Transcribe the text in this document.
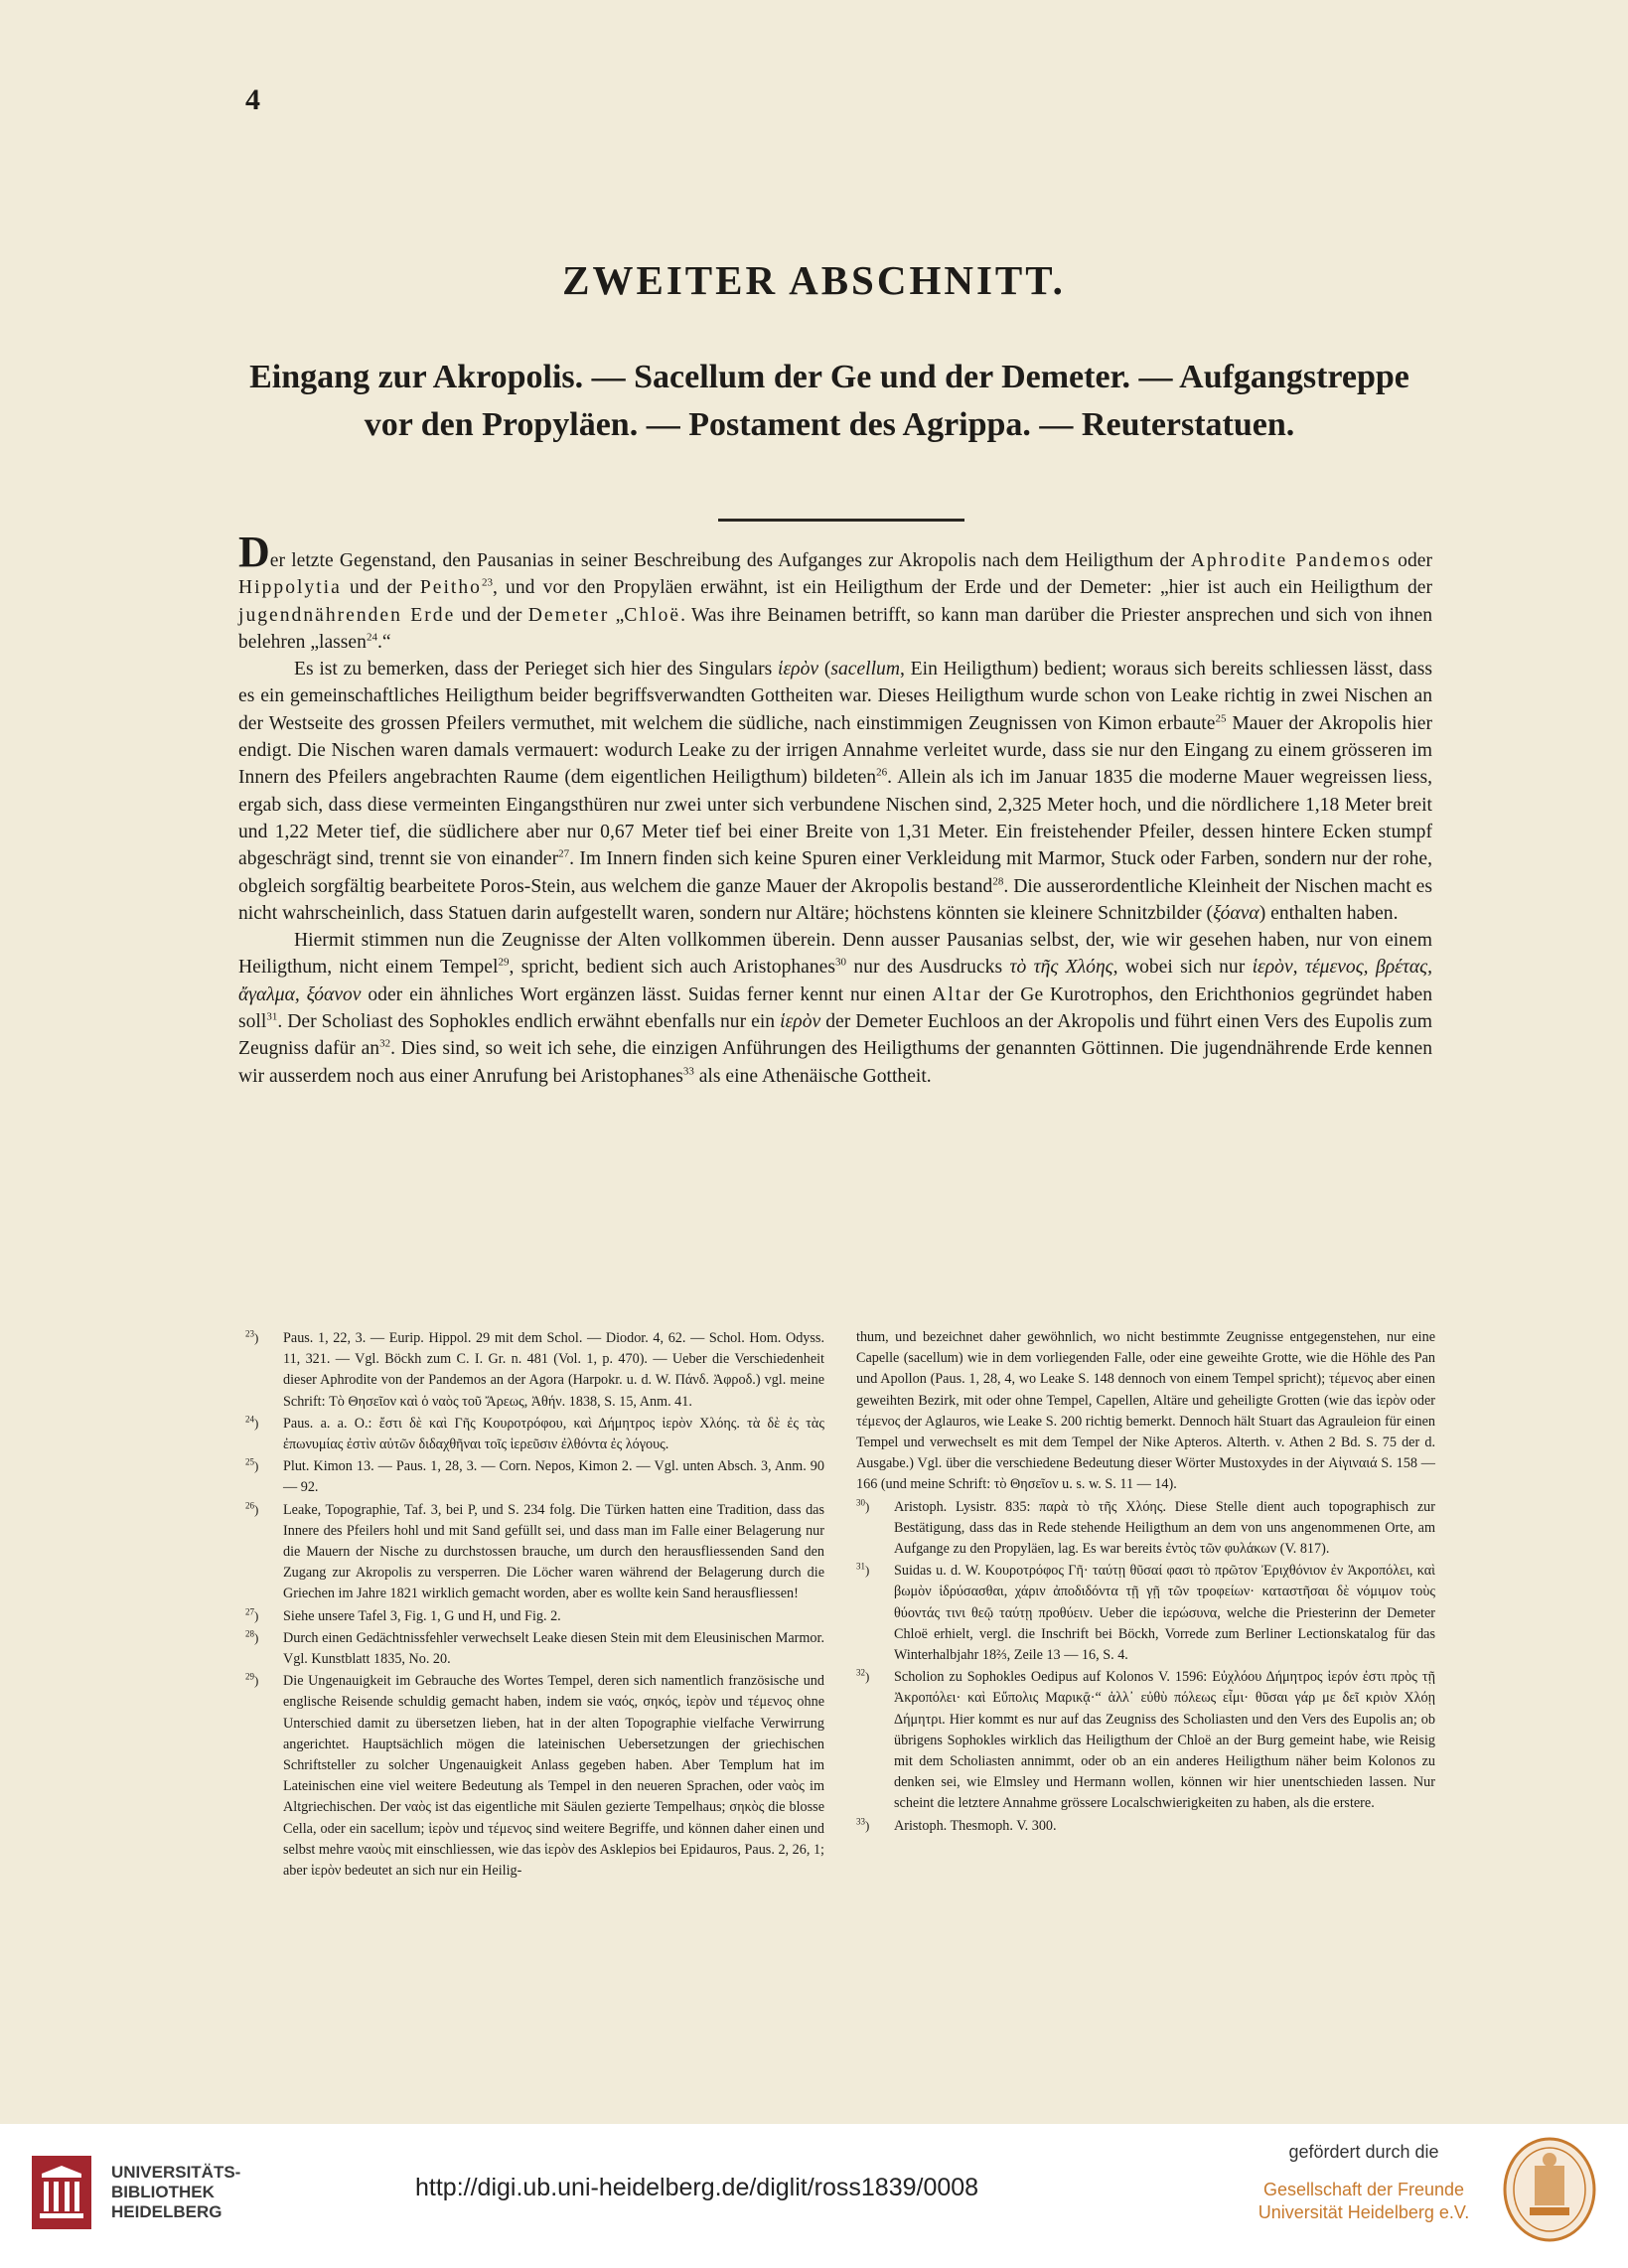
4
ZWEITER ABSCHNITT.
Eingang zur Akropolis. — Sacellum der Ge und der Demeter. — Aufgangstreppe
vor den Propyläen. — Postament des Agrippa. — Reuterstatuen.

Der letzte Gegenstand, den Pausanias in seiner Beschreibung des Aufganges zur Akropolis nach dem Heiligthum der Aphrodite Pandemos oder Hippolytia und der Peitho$^{23}$, und vor den Propyläen erwähnt, ist ein Heiligthum der Erde und der Demeter: „hier ist auch ein Heiligthum der jugendnährenden Erde und der Demeter „Chloë. Was ihre Beinamen betrifft, so kann man darüber die Priester ansprechen und sich von ihnen belehren „lassen$^{24}$.“

Es ist zu bemerken, dass der Perieget sich hier des Singulars ἱερὸν (sacellum, Ein Heiligthum) bedient; woraus sich bereits schliessen lässt, dass es ein gemeinschaftliches Heiligthum beider begriffsverwandten Gottheiten war. Dieses Heiligthum wurde schon von Leake richtig in zwei Nischen an der Westseite des grossen Pfeilers vermuthet, mit welchem die südliche, nach einstimmigen Zeugnissen von Kimon erbaute$^{25}$ Mauer der Akropolis hier endigt. Die Nischen waren damals vermauert: wodurch Leake zu der irrigen Annahme verleitet wurde, dass sie nur den Eingang zu einem grösseren im Innern des Pfeilers angebrachten Raume (dem eigentlichen Heiligthum) bildeten$^{26}$. Allein als ich im Januar 1835 die moderne Mauer wegreissen liess, ergab sich, dass diese vermeinten Eingangsthüren nur zwei unter sich verbundene Nischen sind, 2,325 Meter hoch, und die nördlichere 1,18 Meter breit und 1,22 Meter tief, die südlichere aber nur 0,67 Meter tief bei einer Breite von 1,31 Meter. Ein freistehender Pfeiler, dessen hintere Ecken stumpf abgeschrägt sind, trennt sie von einander$^{27}$. Im Innern finden sich keine Spuren einer Verkleidung mit Marmor, Stuck oder Farben, sondern nur der rohe, obgleich sorgfältig bearbeitete Poros-Stein, aus welchem die ganze Mauer der Akropolis bestand$^{28}$. Die ausserordentliche Kleinheit der Nischen macht es nicht wahrscheinlich, dass Statuen darin aufgestellt waren, sondern nur Altäre; höchstens könnten sie kleinere Schnitzbilder (ξόανα) enthalten haben.

Hiermit stimmen nun die Zeugnisse der Alten vollkommen überein. Denn ausser Pausanias selbst, der, wie wir gesehen haben, nur von einem Heiligthum, nicht einem Tempel$^{29}$, spricht, bedient sich auch Aristophanes$^{30}$ nur des Ausdrucks τὸ τῆς Χλόης, wobei sich nur ἱερὸν, τέμενος, βρέτας, ἄγαλμα, ξόανον oder ein ähnliches Wort ergänzen lässt. Suidas ferner kennt nur einen Altar der Ge Kurotrophos, den Erichthonios gegründet haben soll$^{31}$. Der Scholiast des Sophokles endlich erwähnt ebenfalls nur ein ἱερὸν der Demeter Euchloos an der Akropolis und führt einen Vers des Eupolis zum Zeugniss dafür $an^{32}$. Dies sind, so weit ich sehe, die einzigen Anführungen des Heiligthums der genannten Göttinnen. Die jugendnährende Erde kennen wir ausserdem noch aus einer Anrufung bei Aristophanes$^{33}$ als eine Athenäische Gottheit.

$^{23}$) Paus. 1, 22, 3. — Eurip. Hippol. 29 mit dem Schol. — Diodor. 4, 62. — Schol. Hom. Odyss. 11, 321. — Vgl. Böckh zum C. I. Gr. n. 481 (Vol. 1, p. 470). — Ueber die Verschiedenheit dieser Aphrodite von der Pandemos an der Agora (Harpokr. u. d. W. Πάνδ. Ἀφροδ.) vgl. meine Schrift: Τὸ Θησεῖον καὶ ὁ ναὸς τοῦ Ἄρεως, Ἀθήν. 1838, S. 15, Anm. 41.

$^{24}$) Paus. a. a. O.: ἔστι δὲ καὶ Γῆς Κουροτρόφου, καὶ Δήμητρος ἱερὸν Χλόης. τὰ δὲ ἐς τὰς ἐπωνυμίας ἐστὶν αὐτῶν διδαχθῆναι τοῖς ἱερεῦσιν ἐλθόντα ἐς λόγους.

$^{25}$) Plut. Kimon 13. — Paus. 1, 28, 3. — Corn. Nepos, Kimon 2. — Vgl. unten Absch. 3, Anm. 90 — 92.

$^{26}$) Leake, Topographie, Taf. 3, bei P, und S. 234 folg. Die Türken hatten eine Tradition, dass das Innere des Pfeilers hohl und mit Sand gefüllt sei, und dass man im Falle einer Belagerung nur die Mauern der Nische zu durchstossen brauche, um durch den herausfliessenden Sand den Zugang zur Akropolis zu versperren. Die Löcher waren während der Belagerung durch die Griechen im Jahre 1821 wirklich gemacht worden, aber es wollte kein Sand herausfliessen!

$^{27}$) Siehe unsere Tafel 3, Fig. 1, G und H, und Fig. 2.

$^{28}$) Durch einen Gedächtnissfehler verwechselt Leake diesen Stein mit dem Eleusinischen Marmor. Vgl. Kunstblatt 1835, No. 20.

$^{29}$) Die Ungenauigkeit im Gebrauche des Wortes Tempel, deren sich namentlich französische und englische Reisende schuldig gemacht haben, indem sie ναός, σηκός, ἱερὸν und τέμενος ohne Unterschied damit zu übersetzen lieben, hat in der alten Topographie vielfache Verwirrung angerichtet. Hauptsächlich mögen die lateinischen Uebersetzungen der griechischen Schriftsteller zu solcher Ungenauigkeit Anlass gegeben haben. Aber Templum hat im Lateinischen eine viel weitere Bedeutung als Tempel in den neueren Sprachen, oder ναὸς im Altgriechischen. Der ναὸς ist das eigentliche mit Säulen gezierte Tempelhaus; σηκὸς die blosse Cella, oder ein sacellum; ἱερὸν und τέμενος sind weitere Begriffe, und können daher einen und selbst mehre ναοὺς mit einschliessen, wie das ἱερὸν des Asklepios bei Epidauros, Paus. 2, 26, 1; aber ἱερὸν bedeutet an sich nur ein Heilig-

thum, und bezeichnet daher gewöhnlich, wo nicht bestimmte Zeugnisse entgegenstehen, nur eine Capelle (sacellum) wie in dem vorliegenden Falle, oder eine geweihte Grotte, wie die Höhle des Pan und Apollon (Paus. 1, 28, 4, wo Leake S. 148 dennoch von einem Tempel spricht); τέμενος aber einen geweihten Bezirk, mit oder ohne Tempel, Capellen, Altäre und geheiligte Grotten (wie das ἱερὸν oder τέμενος der Aglauros, wie Leake S. 200 richtig bemerkt. Dennoch hält Stuart das Agrauleion für einen Tempel und verwechselt es mit dem Tempel der Nike Apteros. Alterth. v. Athen 2 Bd. S. 75 der d. Ausgabe.) Vgl. über die verschiedene Bedeutung dieser Wörter Mustoxydes in der Αἰγιναιά S. 158 — 166 (und meine Schrift: τὸ Θησεῖον u. s. w. S. 11 — 14).

$^{30}$) Aristoph. Lysistr. 835: παρὰ τὸ τῆς Χλόης. Diese Stelle dient auch topographisch zur Bestätigung, dass das in Rede stehende Heiligthum an dem von uns angenommenen Orte, am Aufgange zu den Propyläen, lag. Es war bereits ἐντὸς τῶν φυλάκων (V. 817).

$^{31}$) Suidas u. d. W. Κουροτρόφος Γῆ· ταύτῃ θῦσαί φασι τὸ πρῶτον Ἐριχθόνιον ἐν Ἀκροπόλει, καὶ βωμὸν ἱδρύσασθαι, χάριν ἀποδιδόντα τῇ γῇ τῶν τροφείων· καταστῆσαι δὲ νόμιμον τοὺς θύοντάς τινι θεῷ ταύτῃ προθύειν. Ueber die ἱερώσυνα, welche die Priesterinn der Demeter Chloë erhielt, vergl. die Inschrift bei Böckh, Vorrede zum Berliner Lectionskatalog für das Winterhalbjahr 18⅔, Zeile 13 — 16, S. 4.

$^{32}$) Scholion zu Sophokles Oedipus auf Kolonos V. 1596: Εὐχλόου Δήμητρος ἱερόν ἐστι πρὸς τῇ Ἀκροπόλει· καὶ Εὔπολις Μαρικᾷ·“ ἀλλ᾽ εὐθὺ πόλεως εἶμι· θῦσαι γάρ με δεῖ κριὸν Χλόῃ Δήμητρι. Hier kommt es nur auf das Zeugniss des Scholiasten und den Vers des Eupolis an; ob übrigens Sophokles wirklich das Heiligthum der Chloë an der Burg gemeint habe, wie Reisig mit dem Scholiasten annimmt, oder ob an ein anderes Heiligthum näher beim Kolonos zu denken sei, wie Elmsley und Hermann wollen, können wir hier unentschieden lassen. Nur scheint die letztere Annahme grössere Localschwierigkeiten zu haben, als die erstere.

$^{33}$) Aristoph. Thesmoph. V. 300.

UNIVERSITÄTS-
BIBLIOTHEK
HEIDELBERG
http://digi.ub.uni-heidelberg.de/diglit/ross1839/0008
gefördert durch die
Gesellschaft der Freunde
Universität Heidelberg e.V.
